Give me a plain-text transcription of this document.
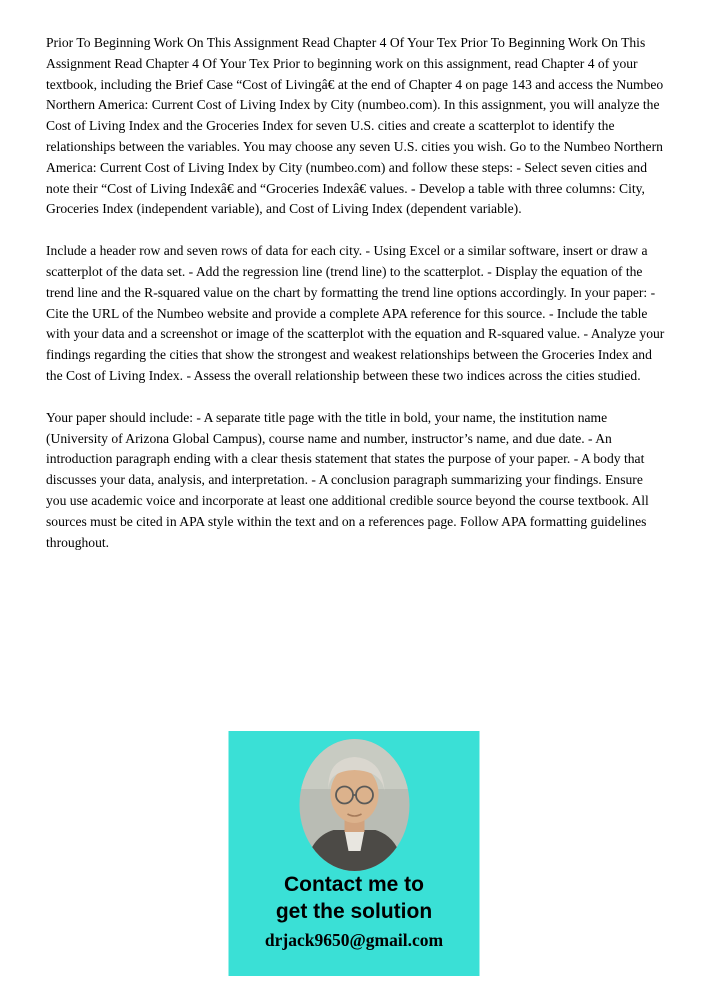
Prior To Beginning Work On This Assignment Read Chapter 4 Of Your Tex Prior To Beginning Work On This Assignment Read Chapter 4 Of Your Tex Prior to beginning work on this assignment, read Chapter 4 of your textbook, including the Brief Case “Cost of Livingâ€ at the end of Chapter 4 on page 143 and access the Numbeo Northern America: Current Cost of Living Index by City (numbeo.com). In this assignment, you will analyze the Cost of Living Index and the Groceries Index for seven U.S. cities and create a scatterplot to identify the relationships between the variables. You may choose any seven U.S. cities you wish. Go to the Numbeo Northern America: Current Cost of Living Index by City (numbeo.com) and follow these steps: - Select seven cities and note their “Cost of Living Indexâ€ and “Groceries Indexâ€ values. - Develop a table with three columns: City, Groceries Index (independent variable), and Cost of Living Index (dependent variable).

Include a header row and seven rows of data for each city. - Using Excel or a similar software, insert or draw a scatterplot of the data set. - Add the regression line (trend line) to the scatterplot. - Display the equation of the trend line and the R-squared value on the chart by formatting the trend line options accordingly. In your paper: - Cite the URL of the Numbeo website and provide a complete APA reference for this source. - Include the table with your data and a screenshot or image of the scatterplot with the equation and R-squared value. - Analyze your findings regarding the cities that show the strongest and weakest relationships between the Groceries Index and the Cost of Living Index. - Assess the overall relationship between these two indices across the cities studied.

Your paper should include: - A separate title page with the title in bold, your name, the institution name (University of Arizona Global Campus), course name and number, instructor’s name, and due date. - An introduction paragraph ending with a clear thesis statement that states the purpose of your paper. - A body that discusses your data, analysis, and interpretation. - A conclusion paragraph summarizing your findings. Ensure you use academic voice and incorporate at least one additional credible source beyond the course textbook. All sources must be cited in APA style within the text and on a references page. Follow APA formatting guidelines throughout.

Contact me to
get the solution
drjack9650@gmail.com
